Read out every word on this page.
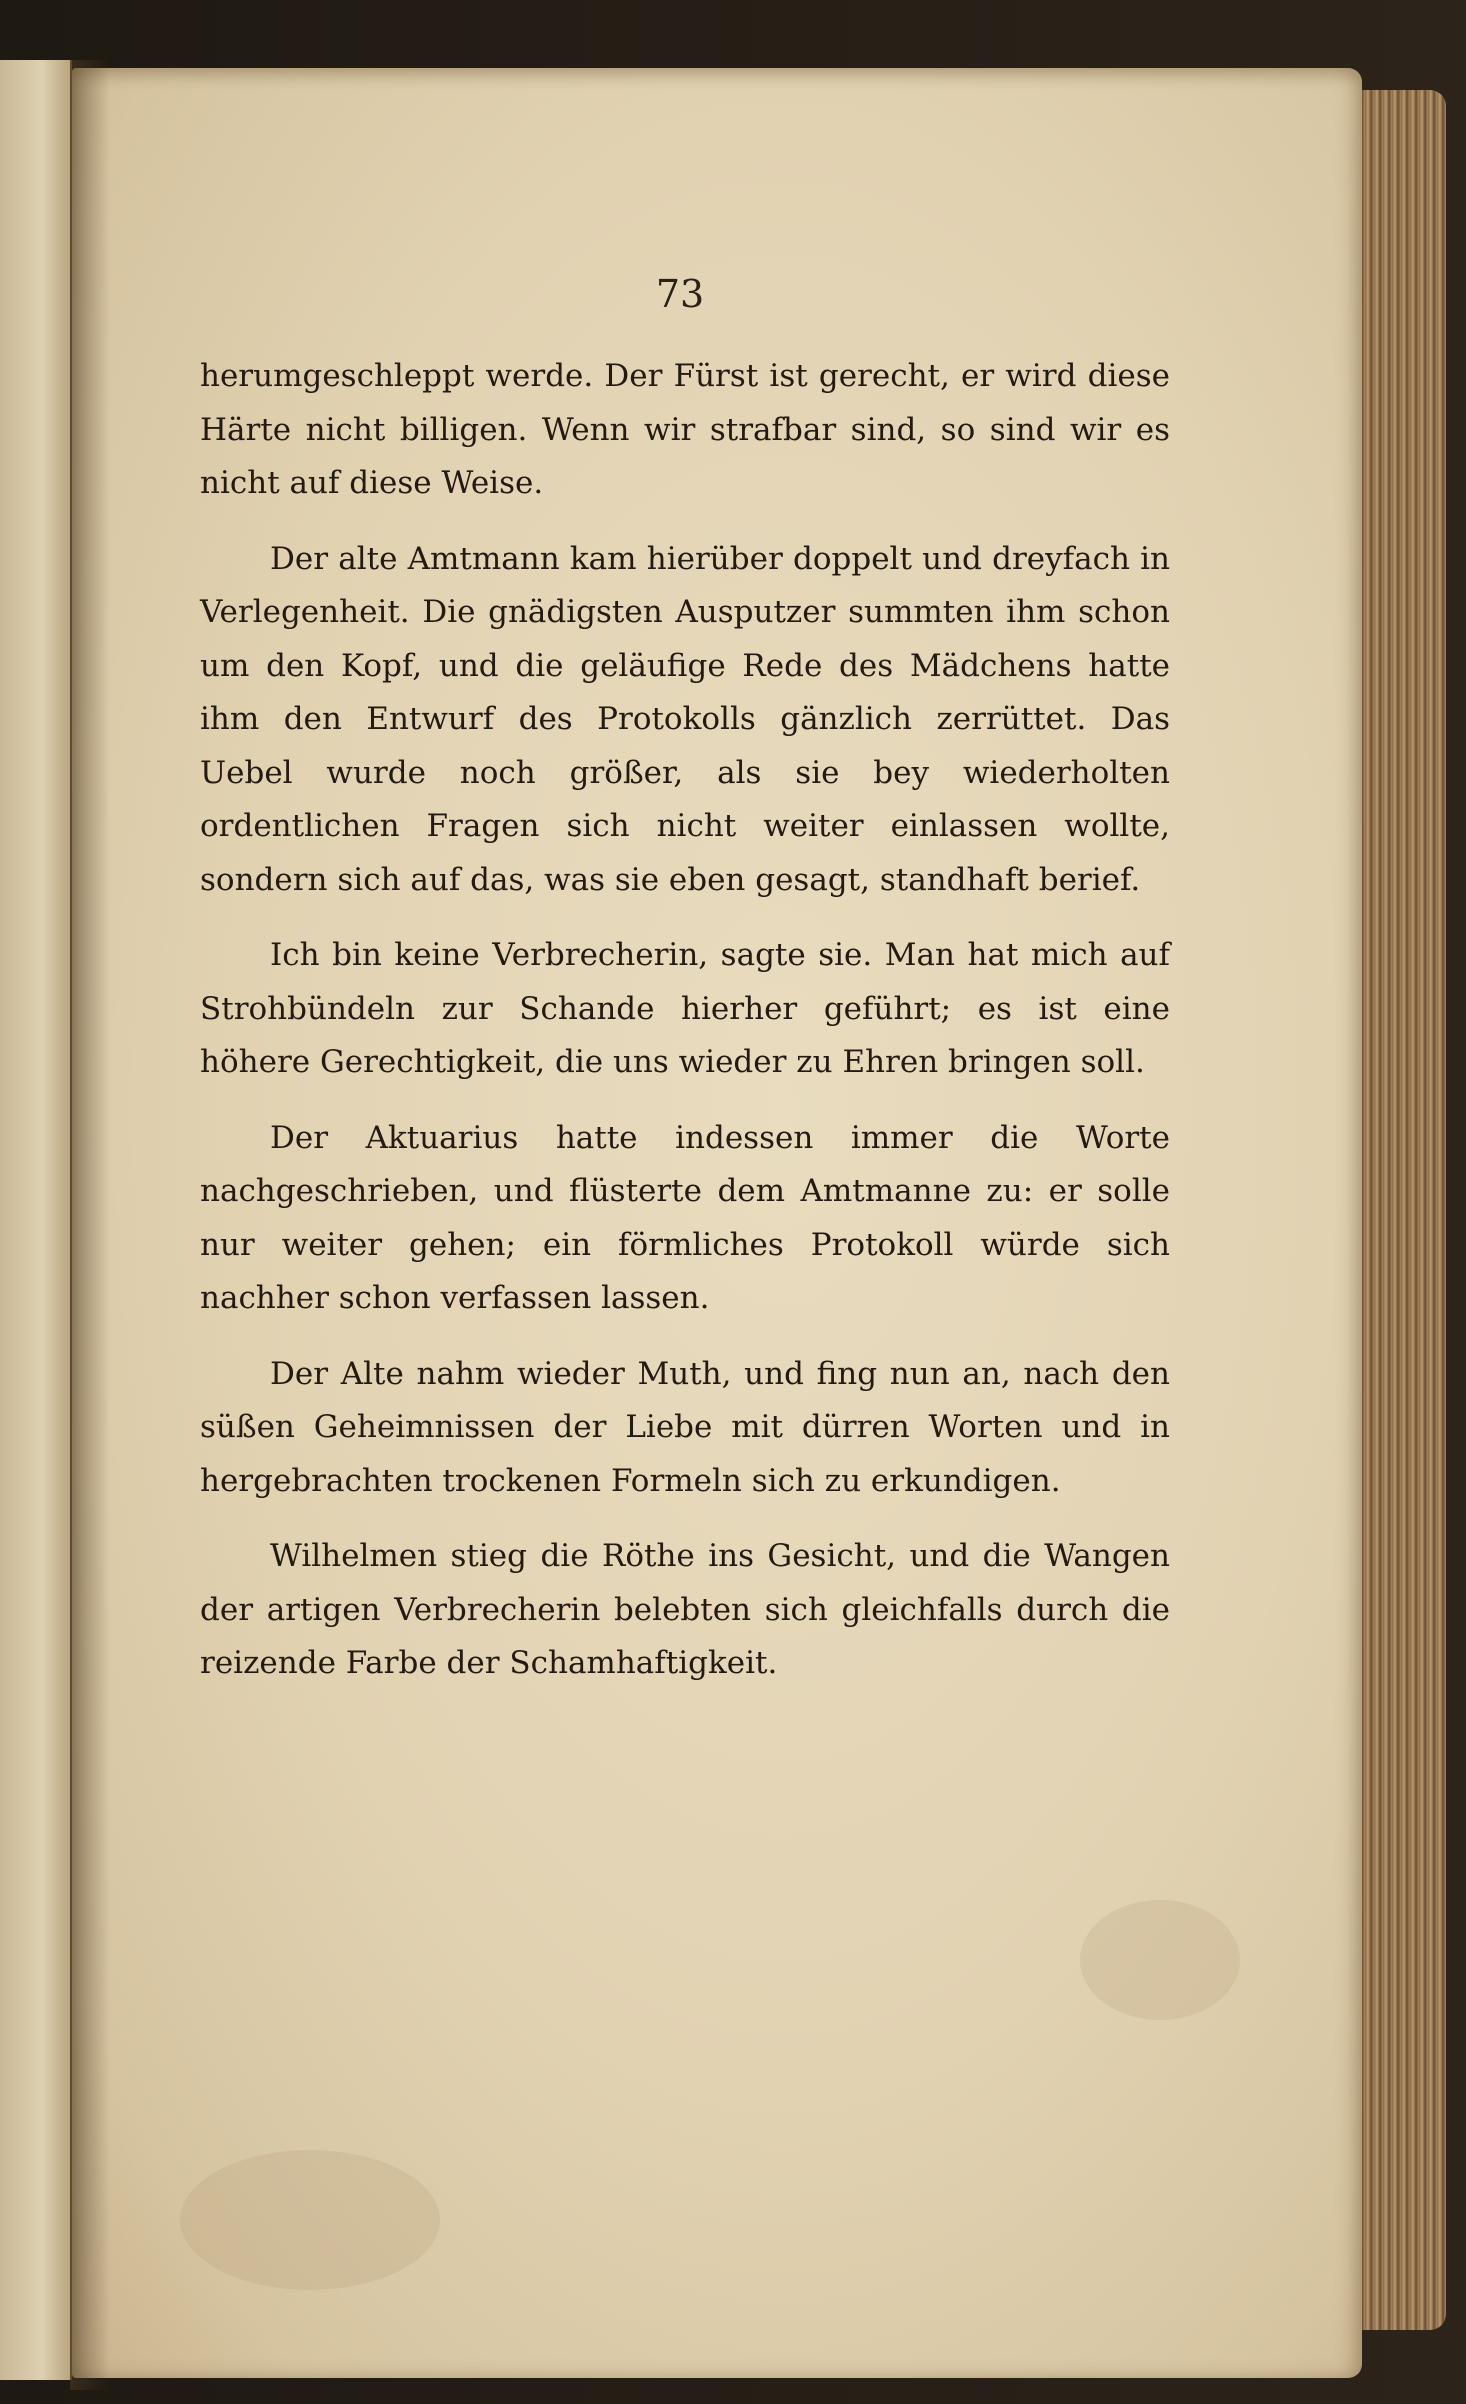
73

herumgeschleppt werde. Der Fürst ist gerecht, er wird diese Härte nicht billigen. Wenn wir strafbar sind, so sind wir es nicht auf diese Weise.

Der alte Amtmann kam hierüber doppelt und dreyfach in Verlegenheit. Die gnädigsten Ausputzer summten ihm schon um den Kopf, und die geläufige Rede des Mädchens hatte ihm den Entwurf des Protokolls gänzlich zerrüttet. Das Uebel wurde noch größer, als sie bey wiederholten ordentlichen Fragen sich nicht weiter einlassen wollte, sondern sich auf das, was sie eben gesagt, standhaft berief.

Ich bin keine Verbrecherin, sagte sie. Man hat mich auf Strohbündeln zur Schande hierher geführt; es ist eine höhere Gerechtigkeit, die uns wieder zu Ehren bringen soll.

Der Aktuarius hatte indessen immer die Worte nachgeschrieben, und flüsterte dem Amtmanne zu: er solle nur weiter gehen; ein förmliches Protokoll würde sich nachher schon verfassen lassen.

Der Alte nahm wieder Muth, und fing nun an, nach den süßen Geheimnissen der Liebe mit dürren Worten und in hergebrachten trockenen Formeln sich zu erkundigen.

Wilhelmen stieg die Röthe ins Gesicht, und die Wangen der artigen Verbrecherin belebten sich gleichfalls durch die reizende Farbe der Schamhaftigkeit.
